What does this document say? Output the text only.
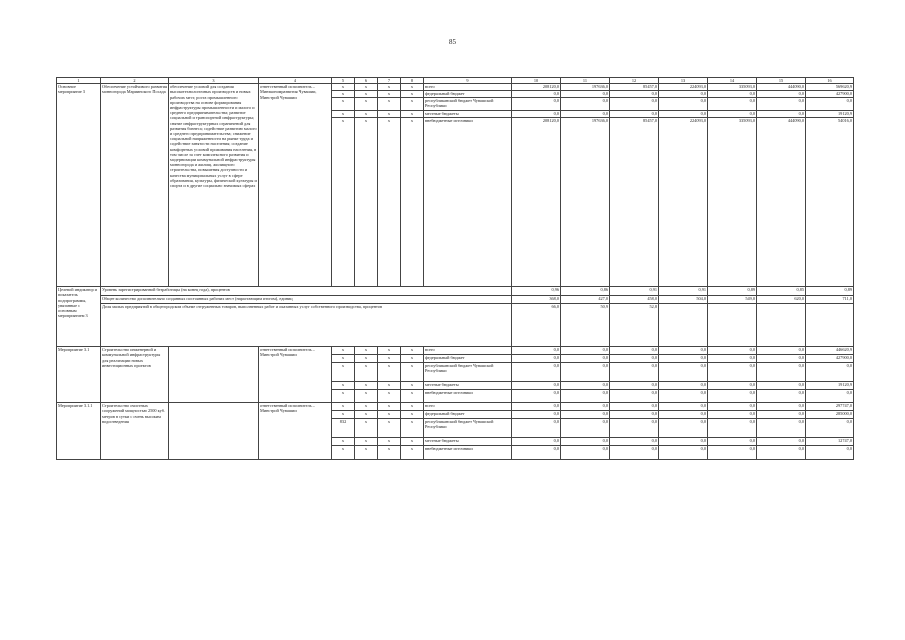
85
1	2	3	4	5	6	7	8	9	10	11	12	13	14	15	16
Основное мероприятие 3	Обеспечение устойчивого развития монногорода Мариинского Посада	обеспечение условий для создания высокотехнологичных производств и новых рабочих мест, роста промышленного производства на основе формирования инфраструктуры промышленности и малого и среднего предпринимательства; развитие социальной и транспортной инфраструктуры; снятие инфраструктурных ограничений для развития бизнеса; содействие развитию малого и среднего предпринимательства; снижение социальной напряженности на рынке труда и содействие занятости населения; создание комфортных условий проживания населения, в том числе за счет комплексного развития и модернизации коммунальной инфраструктуры монногорода и жилищ. жилищного строительства, повышения доступности и качества муниципальных услуг в сфере образования, культуры, физической культуры и спорта и в другие социально значимых сферах	ответственный исполнитель – Минэкономразвития Чувашии, Минстрой Чувашии	x	x	x	x	всего	208120,0	197636,0	85457,0	224093,0	335093,0	444090,0	569620,9
				x	x	x	x	федеральный бюджет	0,0	0,0	0,0	0,0	0,0	0,0	427900,0
				x	x	x	x	республиканский бюджет Чувашской Республики	0,0	0,0	0,0	0,0	0,0	0,0	0,0
				x	x	x	x	местные бюджеты	0,0	0,0	0,0	0,0	0,0	0,0	19120,9
				x	x	x	x	внебюджетные источники	208120,0	197636,0	85457,0	224093,0	335093,0	444090,0	54016,0
Целевой индикатор и показатель подпрограммы, увязанные с основным мероприятием 3	Уровень зарегистрированной безработицы (на конец года), процентов								0,96	0,86	0,91	0,91	0,89	0,85	0,89
	Общее количество дополнительно созданных постоянных рабочих мест (нарастающим итогом), единиц								368,0	427,0	458,0	504,0	549,0	620,0	711,0
	Доля малых предприятий в общегородском объеме отгруженных товаров, выполненных работ и оказанных услуг собственного производства, процентов								66,0	50,9	52,8				
Мероприятие 3.1	Строительство инженерной и коммунальной инфраструктуры для реализации новых инвестиционных проектов		ответственный исполнитель – Минстрой Чувашии	x	x	x	x	всего	0,0	0,0	0,0	0,0	0,0	0,0	446620,9
				x	x	x	x	федеральный бюджет	0,0	0,0	0,0	0,0	0,0	0,0	427900,0
				x	x	x	x	республиканский бюджет Чувашской Республики	0,0	0,0	0,0	0,0	0,0	0,0	0,0
				x	x	x	x	местные бюджеты	0,0	0,0	0,0	0,0	0,0	0,0	19120,9
				x	x	x	x	внебюджетные источники	0,0	0,0	0,0	0,0	0,0	0,0	0,0
Мероприятие 3.1.1	Строительство очистных сооружений мощностью 2500 куб. метров в сутки с очень высоким водоотведения		ответственный исполнитель – Минстрой Чувашии	x	x	x	x	всего	0,0	0,0	0,0	0,0	0,0	0,0	297747,0
				x	x	x	x	федеральный бюджет	0,0	0,0	0,0	0,0	0,0	0,0	285000,0
				832	x	x	x	республиканский бюджет Чувашской Республики	0,0	0,0	0,0	0,0	0,0	0,0	0,0
				x	x	x	x	местные бюджеты	0,0	0,0	0,0	0,0	0,0	0,0	12747,0
				x	x	x	x	внебюджетные источники	0,0	0,0	0,0	0,0	0,0	0,0	0,0
